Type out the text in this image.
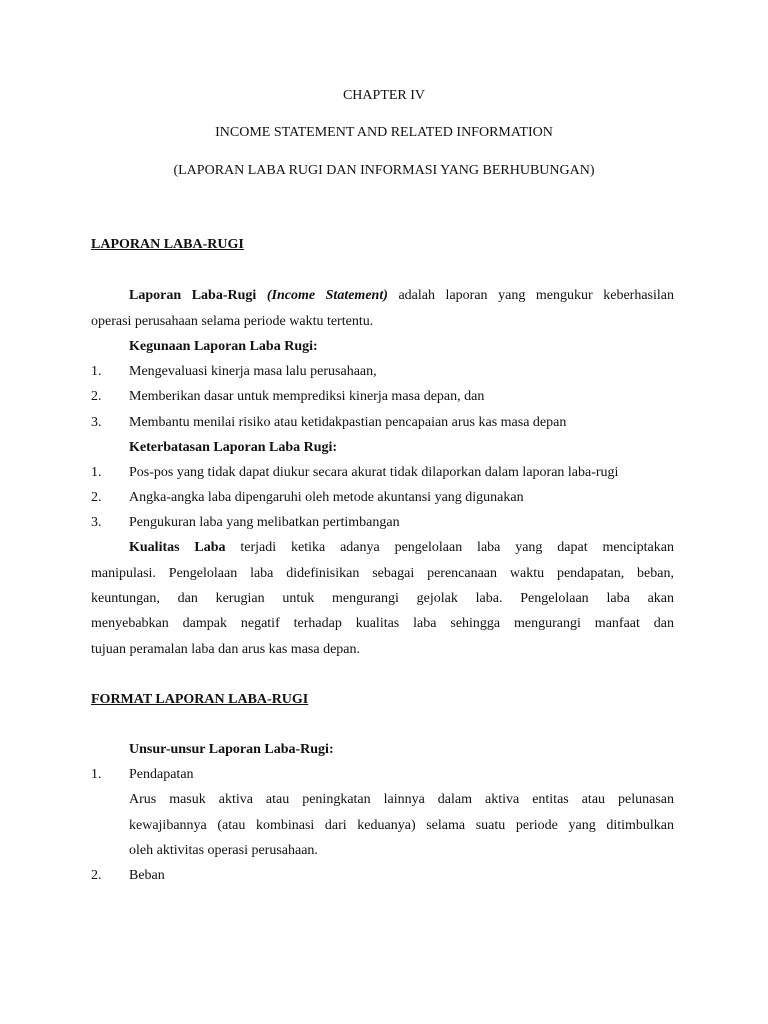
CHAPTER IV
INCOME STATEMENT AND RELATED INFORMATION
(LAPORAN LABA RUGI DAN INFORMASI YANG BERHUBUNGAN)
LAPORAN LABA-RUGI
Laporan Laba-Rugi (Income Statement) adalah laporan yang mengukur keberhasilan
operasi perusahaan selama periode waktu tertentu.
Kegunaan Laporan Laba Rugi:
1. Mengevaluasi kinerja masa lalu perusahaan,
2. Memberikan dasar untuk memprediksi kinerja masa depan, dan
3. Membantu menilai risiko atau ketidakpastian pencapaian arus kas masa depan
Keterbatasan Laporan Laba Rugi:
1. Pos-pos yang tidak dapat diukur secara akurat tidak dilaporkan dalam laporan laba-rugi
2. Angka-angka laba dipengaruhi oleh metode akuntansi yang digunakan
3. Pengukuran laba yang melibatkan pertimbangan
Kualitas Laba terjadi ketika adanya pengelolaan laba yang dapat menciptakan
manipulasi. Pengelolaan laba didefinisikan sebagai perencanaan waktu pendapatan, beban,
keuntungan, dan kerugian untuk mengurangi gejolak laba. Pengelolaan laba akan
menyebabkan dampak negatif terhadap kualitas laba sehingga mengurangi manfaat dan
tujuan peramalan laba dan arus kas masa depan.
FORMAT LAPORAN LABA-RUGI
Unsur-unsur Laporan Laba-Rugi:
1. Pendapatan
Arus masuk aktiva atau peningkatan lainnya dalam aktiva entitas atau pelunasan
kewajibannya (atau kombinasi dari keduanya) selama suatu periode yang ditimbulkan
oleh aktivitas operasi perusahaan.
2. Beban
